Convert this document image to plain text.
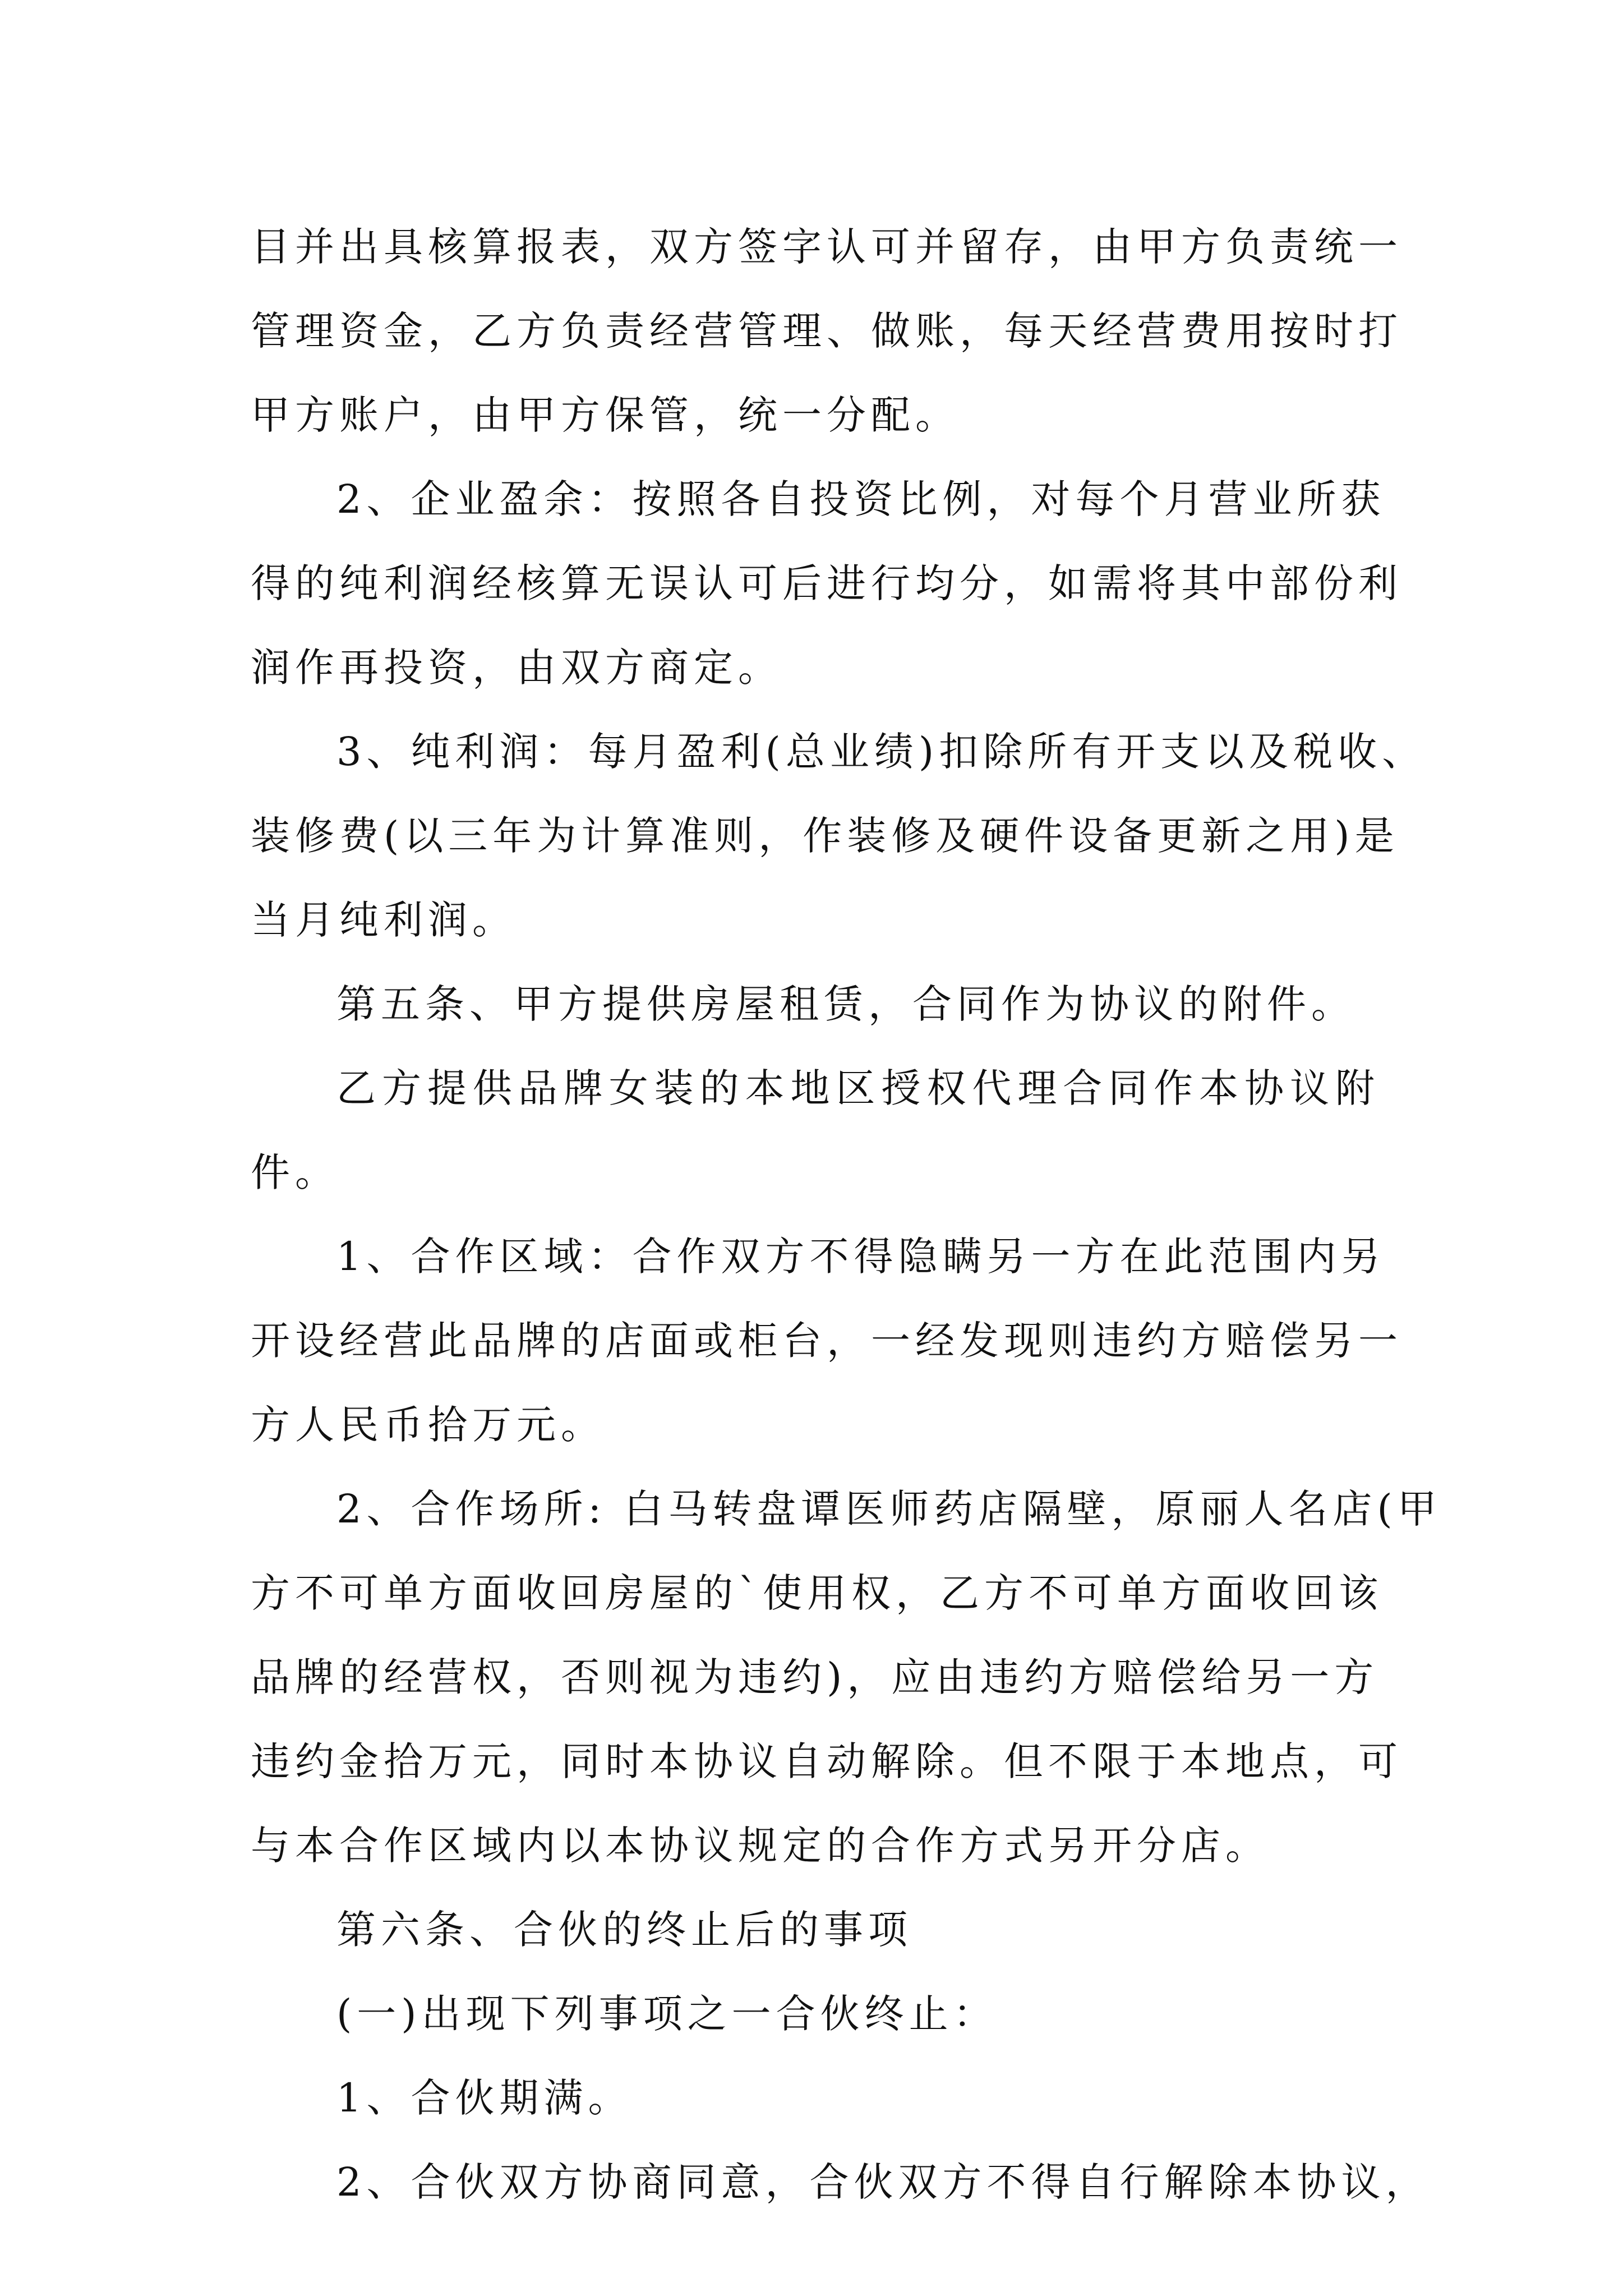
目并出具核算报表，双方签字认可并留存，由甲方负责统一
管理资金，乙方负责经营管理、做账，每天经营费用按时打
甲方账户，由甲方保管，统一分配。
2、企业盈余：按照各自投资比例，对每个月营业所获
得的纯利润经核算无误认可后进行均分，如需将其中部份利
润作再投资，由双方商定。
3、纯利润：每月盈利(总业绩)扣除所有开支以及税收、
装修费(以三年为计算准则，作装修及硬件设备更新之用)是
当月纯利润。
第五条、甲方提供房屋租赁，合同作为协议的附件。
乙方提供品牌女装的本地区授权代理合同作本协议附
件。
1、合作区域：合作双方不得隐瞒另一方在此范围内另
开设经营此品牌的店面或柜台，一经发现则违约方赔偿另一
方人民币拾万元。
2、合作场所: 白马转盘谭医师药店隔壁，原丽人名店(甲
方不可单方面收回房屋的`使用权，乙方不可单方面收回该
品牌的经营权，否则视为违约)，应由违约方赔偿给另一方
违约金拾万元，同时本协议自动解除。但不限于本地点，可
与本合作区域内以本协议规定的合作方式另开分店。
第六条、合伙的终止后的事项
(一)出现下列事项之一合伙终止：
1、合伙期满。
2、合伙双方协商同意，合伙双方不得自行解除本协议，
